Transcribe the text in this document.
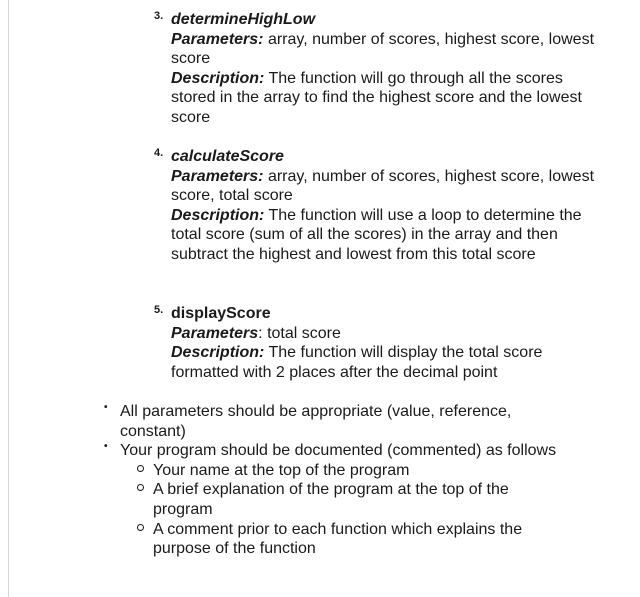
3. determineHighLow
Parameters: array, number of scores, highest score, lowest score
Description: The function will go through all the scores stored in the array to find the highest score and the lowest score
4. calculateScore
Parameters: array, number of scores, highest score, lowest score, total score
Description: The function will use a loop to determine the total score (sum of all the scores) in the array and then subtract the highest and lowest from this total score
5. displayScore
Parameters: total score
Description: The function will display the total score formatted with 2 places after the decimal point
• All parameters should be appropriate (value, reference, constant)
• Your program should be documented (commented) as follows
Your name at the top of the program
A brief explanation of the program at the top of the program
A comment prior to each function which explains the purpose of the function
